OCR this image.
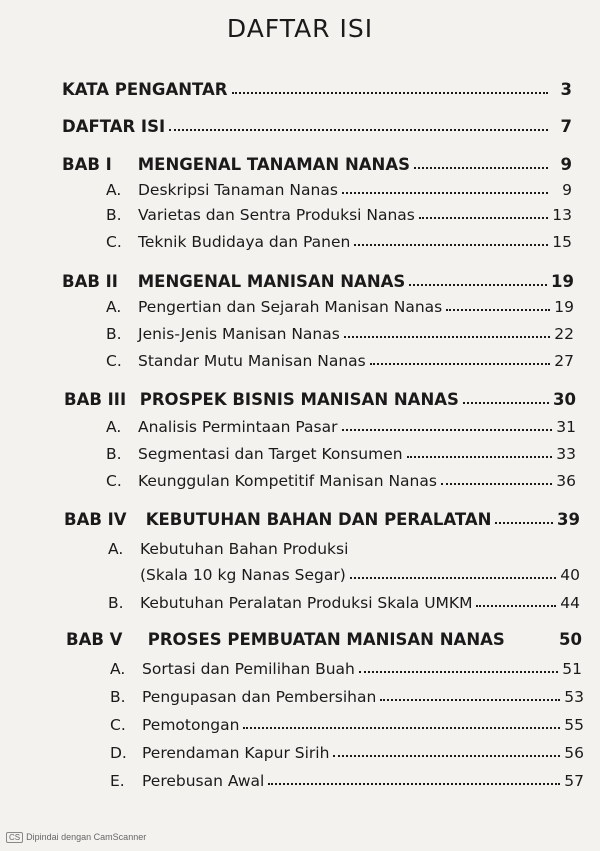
DAFTAR ISI
KATA PENGANTAR	3
DAFTAR ISI	7
BAB I MENGENAL TANAMAN NANAS	9
A. Deskripsi Tanaman Nanas	9
B. Varietas dan Sentra Produksi Nanas	13
C. Teknik Budidaya dan Panen	15
BAB II MENGENAL MANISAN NANAS	19
A. Pengertian dan Sejarah Manisan Nanas	19
B. Jenis-Jenis Manisan Nanas	22
C. Standar Mutu Manisan Nanas	27
BAB III PROSPEK BISNIS MANISAN NANAS	30
A. Analisis Permintaan Pasar	31
B. Segmentasi dan Target Konsumen	33
C. Keunggulan Kompetitif Manisan Nanas	36
BAB IV KEBUTUHAN BAHAN DAN PERALATAN	39
A. Kebutuhan Bahan Produksi
(Skala 10 kg Nanas Segar)	40
B. Kebutuhan Peralatan Produksi Skala UMKM	44
BAB V PROSES PEMBUATAN MANISAN NANAS	50
A. Sortasi dan Pemilihan Buah	51
B. Pengupasan dan Pembersihan	53
C. Pemotongan	55
D. Perendaman Kapur Sirih	56
E. Perebusan Awal	57
CS Dipindai dengan CamScanner
